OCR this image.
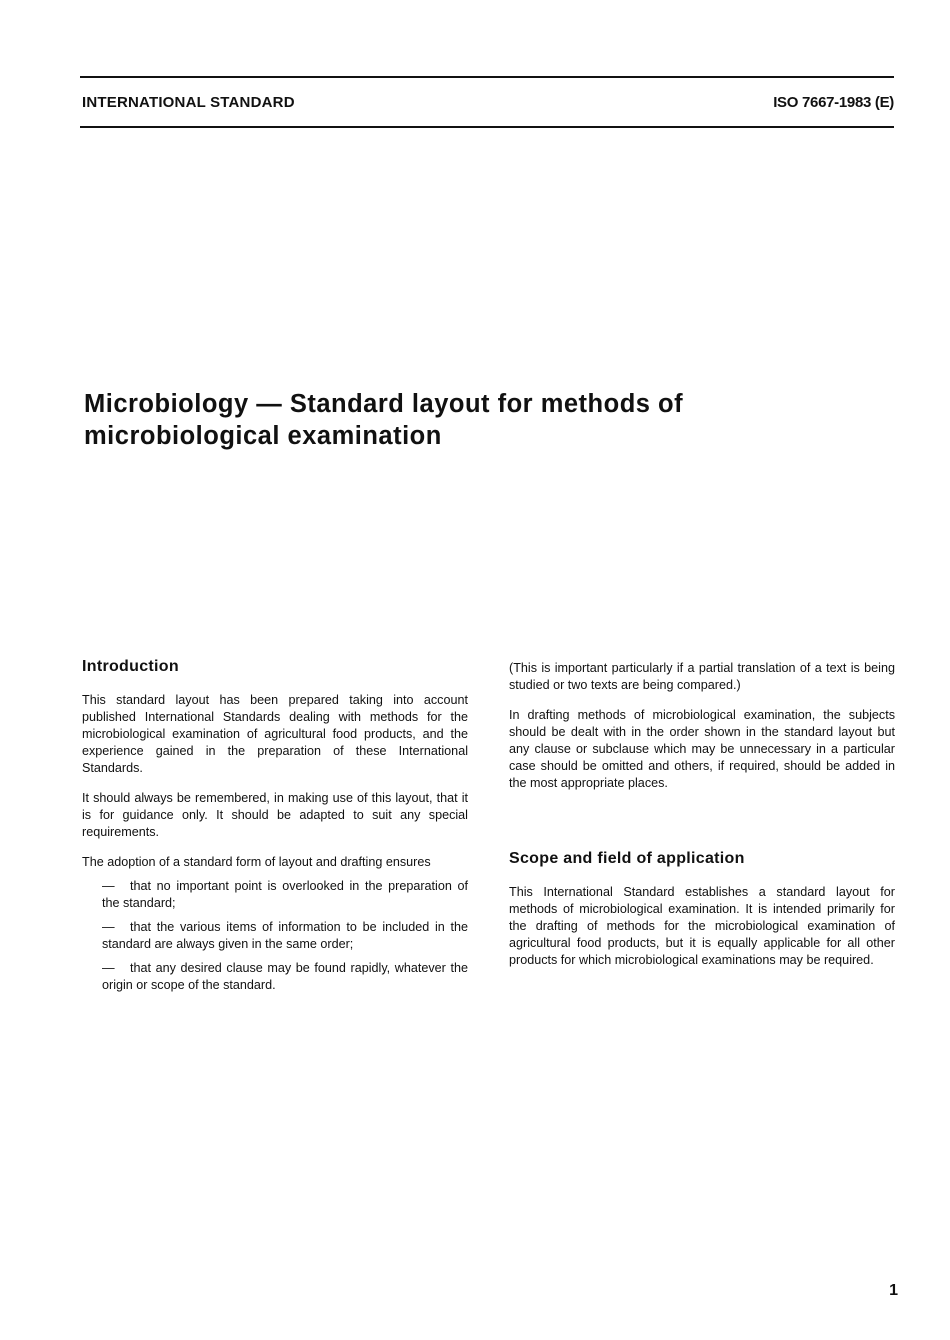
INTERNATIONAL STANDARD	ISO 7667-1983 (E)
Microbiology — Standard layout for methods of
microbiological examination
Introduction

This standard layout has been prepared taking into account published International Standards dealing with methods for the microbiological examination of agricultural food products, and the experience gained in the preparation of these International Standards.

It should always be remembered, in making use of this layout, that it is for guidance only. It should be adapted to suit any special requirements.

The adoption of a standard form of layout and drafting ensures

— that no important point is overlooked in the preparation of the standard;
— that the various items of information to be included in the standard are always given in the same order;
— that any desired clause may be found rapidly, whatever the origin or scope of the standard.

(This is important particularly if a partial translation of a text is being studied or two texts are being compared.)

In drafting methods of microbiological examination, the subjects should be dealt with in the order shown in the standard layout but any clause or subclause which may be unnecessary in a particular case should be omitted and others, if required, should be added in the most appropriate places.

Scope and field of application

This International Standard establishes a standard layout for methods of microbiological examination. It is intended primarily for the drafting of methods for the microbiological examination of agricultural food products, but it is equally applicable for all other products for which microbiological examinations may be required.

1
